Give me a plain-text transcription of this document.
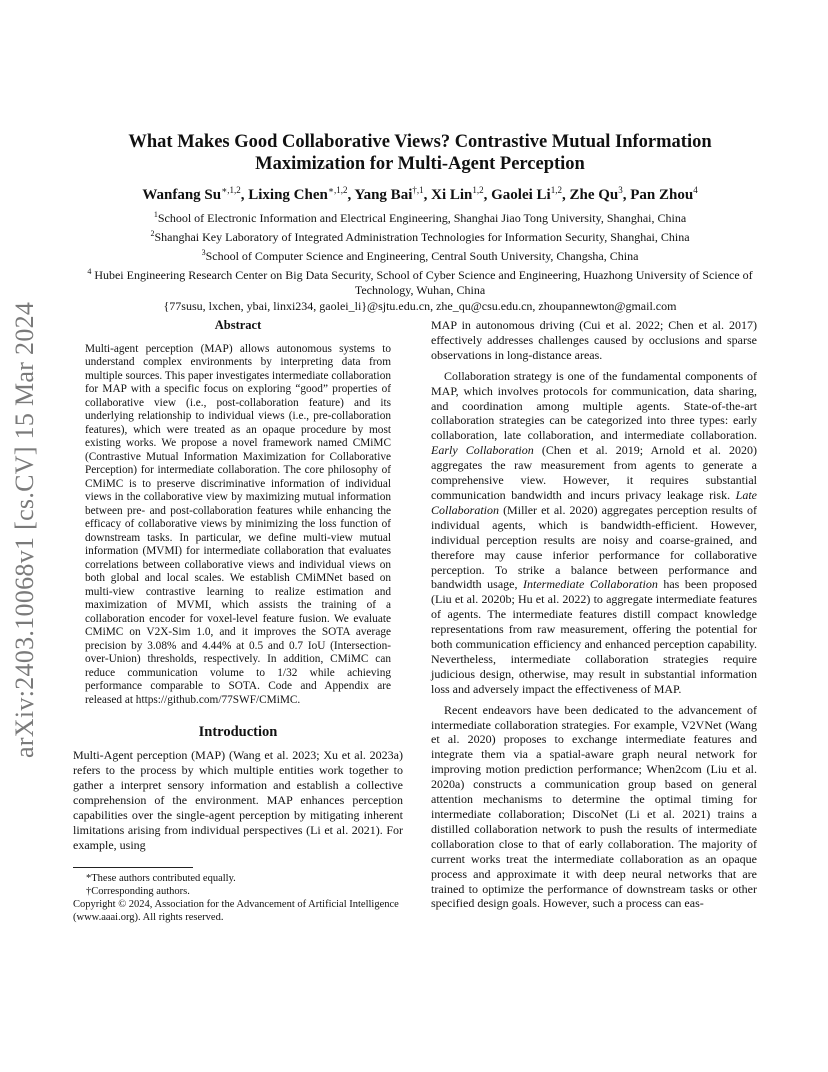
arXiv:2403.10068v1 [cs.CV] 15 Mar 2024
What Makes Good Collaborative Views? Contrastive Mutual Information
Maximization for Multi-Agent Perception
Wanfang $Su^{∗,1,2}$, Lixing Chen$^{∗,1,2}$, Yang Bai$^{\dagger,1}$, Xi Lin$^{1,2}$, Gaolei Li$^{1,2}$, Zhe Qu$^3$, Pan Zhou$^4$
$^1$School of Electronic Information and Electrical Engineering, Shanghai Jiao Tong University, Shanghai, China
$^2$Shanghai Key Laboratory of Integrated Administration Technologies for Information Security, Shanghai, China
$^3$School of Computer Science and Engineering, Central South University, Changsha, China
$^4$ Hubei Engineering Research Center on Big Data Security, School of Cyber Science and Engineering, Huazhong University of Science of Technology, Wuhan, China
{77susu, lxchen, ybai, linxi234, gaolei_li}@sjtu.edu.cn, zhe_qu@csu.edu.cn, zhoupannewton@gmail.com
Abstract
Multi-agent perception (MAP) allows autonomous systems to understand complex environments by interpreting data from multiple sources. This paper investigates intermediate collaboration for MAP with a specific focus on exploring “good” properties of collaborative view (i.e., post-collaboration feature) and its underlying relationship to individual views (i.e., pre-collaboration features), which were treated as an opaque procedure by most existing works. We propose a novel framework named CMiMC (Contrastive Mutual Information Maximization for Collaborative Perception) for intermediate collaboration. The core philosophy of CMiMC is to preserve discriminative information of individual views in the collaborative view by maximizing mutual information between pre- and post-collaboration features while enhancing the efficacy of collaborative views by minimizing the loss function of downstream tasks. In particular, we define multi-view mutual information (MVMI) for intermediate collaboration that evaluates correlations between collaborative views and individual views on both global and local scales. We establish CMiMNet based on multi-view contrastive learning to realize estimation and maximization of MVMI, which assists the training of a collaboration encoder for voxel-level feature fusion. We evaluate CMiMC on V2X-Sim 1.0, and it improves the SOTA average precision by 3.08% and 4.44% at 0.5 and 0.7 IoU (Intersection-over-Union) thresholds, respectively. In addition, CMiMC can reduce communication volume to 1/32 while achieving performance comparable to SOTA. Code and Appendix are released at https://github.com/77SWF/CMiMC.
Introduction

Multi-Agent perception (MAP) (Wang et al. 2023; Xu et al. 2023a) refers to the process by which multiple entities work together to gather a interpret sensory information and establish a collective comprehension of the environment. MAP enhances perception capabilities over the single-agent perception by mitigating inherent limitations arising from individual perspectives (Li et al. 2021). For example, using

*These authors contributed equally.
†Corresponding authors.
Copyright © 2024, Association for the Advancement of Artificial Intelligence (www.aaai.org). All rights reserved.

MAP in autonomous driving (Cui et al. 2022; Chen et al. 2017) effectively addresses challenges caused by occlusions and sparse observations in long-distance areas.

Collaboration strategy is one of the fundamental components of MAP, which involves protocols for communication, data sharing, and coordination among multiple agents. State-of-the-art collaboration strategies can be categorized into three types: early collaboration, late collaboration, and intermediate collaboration. Early Collaboration (Chen et al. 2019; Arnold et al. 2020) aggregates the raw measurement from agents to generate a comprehensive view. However, it requires substantial communication bandwidth and incurs privacy leakage risk. Late Collaboration (Miller et al. 2020) aggregates perception results of individual agents, which is bandwidth-efficient. However, individual perception results are noisy and coarse-grained, and therefore may cause inferior performance for collaborative perception. To strike a balance between performance and bandwidth usage, Intermediate Collaboration has been proposed (Liu et al. 2020b; Hu et al. 2022) to aggregate intermediate features of agents. The intermediate features distill compact knowledge representations from raw measurement, offering the potential for both communication efficiency and enhanced perception capability. Nevertheless, intermediate collaboration strategies require judicious design, otherwise, may result in substantial information loss and adversely impact the effectiveness of MAP.

Recent endeavors have been dedicated to the advancement of intermediate collaboration strategies. For example, V2VNet (Wang et al. 2020) proposes to exchange intermediate features and integrate them via a spatial-aware graph neural network for improving motion prediction performance; When2com (Liu et al. 2020a) constructs a communication group based on general attention mechanisms to determine the optimal timing for intermediate collaboration; DiscoNet (Li et al. 2021) trains a distilled collaboration network to push the results of intermediate collaboration close to that of early collaboration. The majority of current works treat the intermediate collaboration as an opaque process and approximate it with deep neural networks that are trained to optimize the performance of downstream tasks or other specified design goals. However, such a process can eas-
